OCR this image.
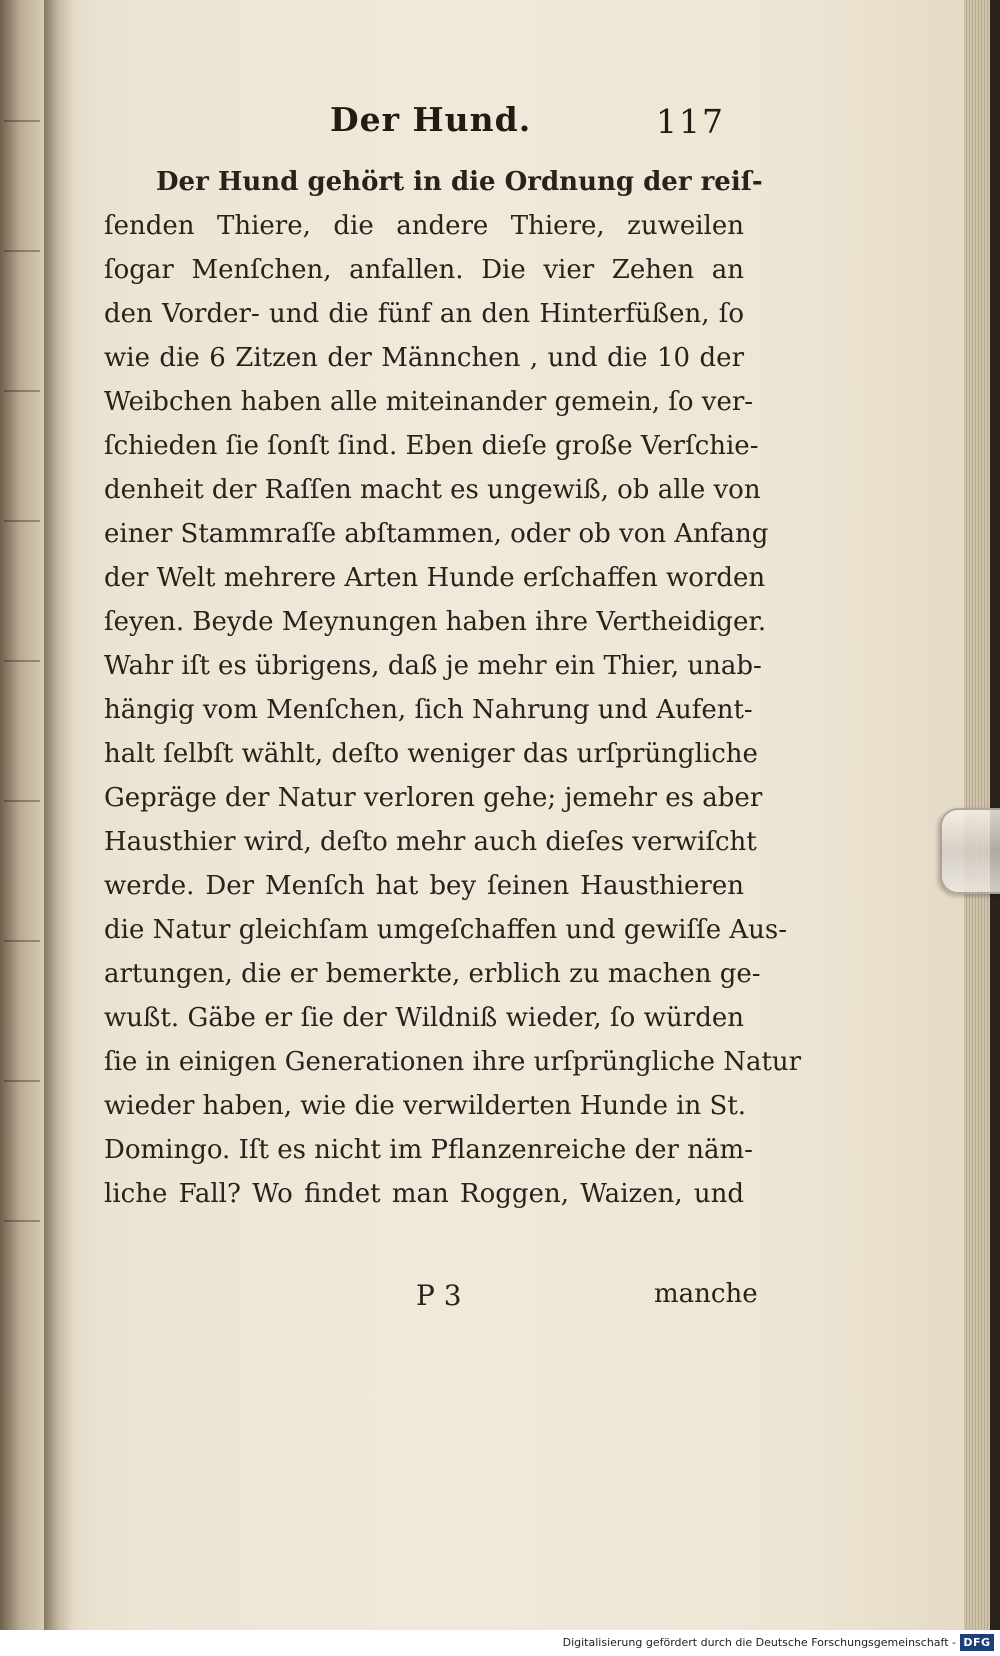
Der Hund.	117
Der Hund gehört in die Ordnung der reiſ-
ſenden Thiere, die andere Thiere, zuweilen
ſogar Menſchen, anfallen. Die vier Zehen an
den Vorder- und die fünf an den Hinterfüßen, ſo
wie die 6 Zitzen der Männchen , und die 10 der
Weibchen haben alle miteinander gemein, ſo ver-
ſchieden ſie ſonſt ſind. Eben dieſe große Verſchie-
denheit der Raſſen macht es ungewiß, ob alle von
einer Stammraſſe abſtammen, oder ob von Anfang
der Welt mehrere Arten Hunde erſchaffen worden
ſeyen. Beyde Meynungen haben ihre Vertheidiger.
Wahr iſt es übrigens, daß je mehr ein Thier, unab-
hängig vom Menſchen, ſich Nahrung und Aufent-
halt ſelbſt wählt, deſto weniger das urſprüngliche
Gepräge der Natur verloren gehe; jemehr es aber
Hausthier wird, deſto mehr auch dieſes verwiſcht
werde. Der Menſch hat bey ſeinen Hausthieren
die Natur gleichſam umgeſchaffen und gewiſſe Aus-
artungen, die er bemerkte, erblich zu machen ge-
wußt. Gäbe er ſie der Wildniß wieder, ſo würden
ſie in einigen Generationen ihre urſprüngliche Natur
wieder haben, wie die verwilderten Hunde in St.
Domingo. Iſt es nicht im Pflanzenreiche der näm-
liche Fall? Wo findet man Roggen, Waizen, und
P 3	manche
Digitalisierung gefördert durch die Deutsche Forschungsgemeinschaft - DFG
